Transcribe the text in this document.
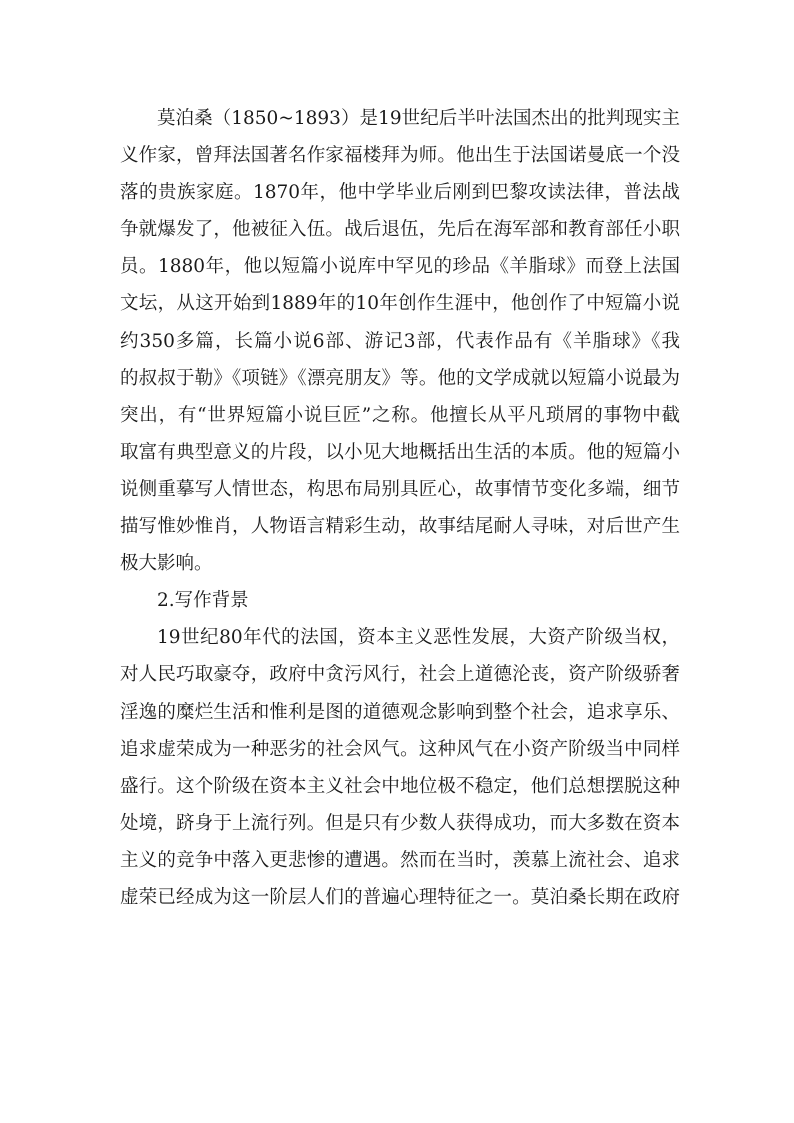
莫泊桑（1850~1893）是19世纪后半叶法国杰出的批判现实主
义作家，曾拜法国著名作家福楼拜为师。他出生于法国诺曼底一个没
落的贵族家庭。1870年，他中学毕业后刚到巴黎攻读法律，普法战
争就爆发了，他被征入伍。战后退伍，先后在海军部和教育部任小职
员。1880年，他以短篇小说库中罕见的珍品《羊脂球》而登上法国
文坛，从这开始到1889年的10年创作生涯中，他创作了中短篇小说
约350多篇，长篇小说6部、游记3部，代表作品有《羊脂球》《我
的叔叔于勒》《项链》《漂亮朋友》等。他的文学成就以短篇小说最为
突出，有“世界短篇小说巨匠”之称。他擅长从平凡琐屑的事物中截
取富有典型意义的片段，以小见大地概括出生活的本质。他的短篇小
说侧重摹写人情世态，构思布局别具匠心，故事情节变化多端，细节
描写惟妙惟肖，人物语言精彩生动，故事结尾耐人寻味，对后世产生
极大影响。
2.写作背景
19世纪80年代的法国，资本主义恶性发展，大资产阶级当权，
对人民巧取豪夺，政府中贪污风行，社会上道德沦丧，资产阶级骄奢
淫逸的糜烂生活和惟利是图的道德观念影响到整个社会，追求享乐、
追求虚荣成为一种恶劣的社会风气。这种风气在小资产阶级当中同样
盛行。这个阶级在资本主义社会中地位极不稳定，他们总想摆脱这种
处境，跻身于上流行列。但是只有少数人获得成功，而大多数在资本
主义的竞争中落入更悲惨的遭遇。然而在当时，羡慕上流社会、追求
虚荣已经成为这一阶层人们的普遍心理特征之一。莫泊桑长期在政府
